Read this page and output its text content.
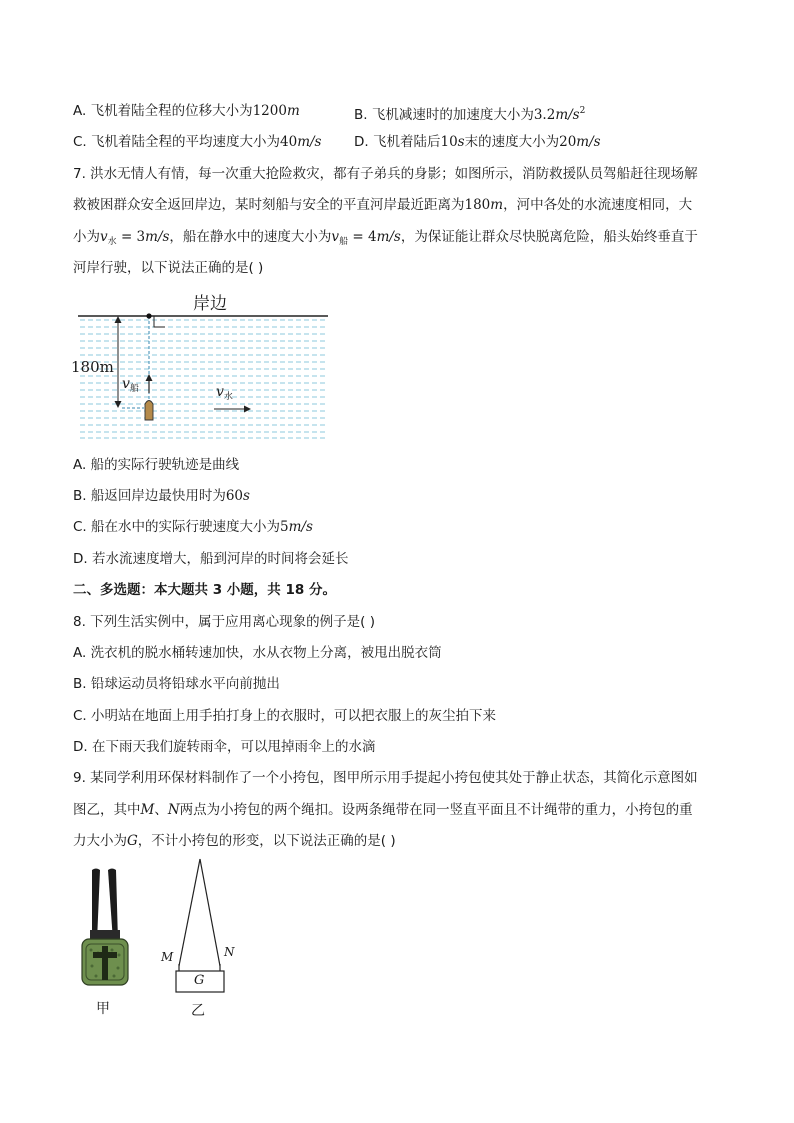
A. 飞机着陆全程的位移大小为1200m	B. 飞机减速时的加速度大小为$3.2m/s^2$
C. 飞机着陆全程的平均速度大小为40m/s D. 飞机着陆后10s末的速度大小为20m/s
7. 洪水无情人有情，每一次重大抢险救灾，都有子弟兵的身影；如图所示，消防救援队员驾船赶往现场解
救被困群众安全返回岸边，某时刻船与安全的平直河岸最近距离为180m，河中各处的水流速度相同，大
小为$v_水 = 3m/s$，船在静水中的速度大小为$v_船 = 4m/s$，为保证能让群众尽快脱离危险，船头始终垂直于
河岸行驶，以下说法正确的是( )
岸边
180m
$v_船$	$v_水$
A. 船的实际行驶轨迹是曲线
B. 船返回岸边最快用时为60s
C. 船在水中的实际行驶速度大小为5m/s
D. 若水流速度增大，船到河岸的时间将会延长
二、多选题：本大题共 3 小题，共 18 分。
8. 下列生活实例中，属于应用离心现象的例子是( )
A. 洗衣机的脱水桶转速加快，水从衣物上分离，被甩出脱衣筒
B. 铅球运动员将铅球水平向前抛出
C. 小明站在地面上用手拍打身上的衣服时，可以把衣服上的灰尘拍下来
D. 在下雨天我们旋转雨伞，可以甩掉雨伞上的水滴
9. 某同学利用环保材料制作了一个小挎包，图甲所示用手提起小挎包使其处于静止状态，其简化示意图如
图乙，其中M、N两点为小挎包的两个绳扣。设两条绳带在同一竖直平面且不计绳带的重力，小挎包的重
力大小为G，不计小挎包的形变，以下说法正确的是( )
甲
M	N
G
乙
